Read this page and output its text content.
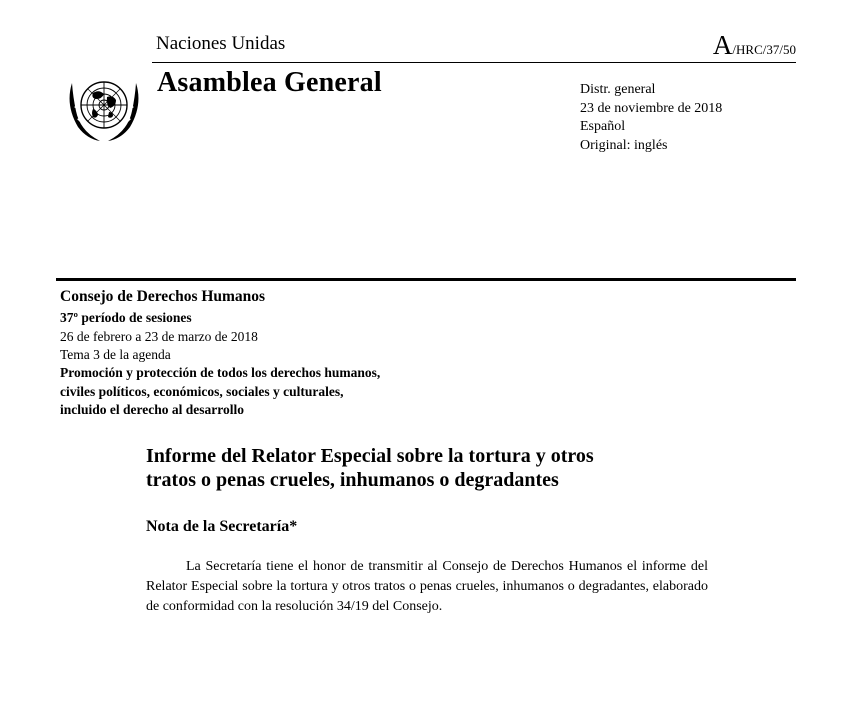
Naciones Unidas	A/HRC/37/50
Asamblea General	Distr. general
23 de noviembre de 2018
Español
Original: inglés
Consejo de Derechos Humanos
37º período de sesiones
26 de febrero a 23 de marzo de 2018
Tema 3 de la agenda
Promoción y protección de todos los derechos humanos,
civiles políticos, económicos, sociales y culturales,
incluido el derecho al desarrollo
Informe del Relator Especial sobre la tortura y otros
tratos o penas crueles, inhumanos o degradantes
Nota de la Secretaría*

La Secretaría tiene el honor de transmitir al Consejo de Derechos Humanos el informe del Relator Especial sobre la tortura y otros tratos o penas crueles, inhumanos o degradantes, elaborado de conformidad con la resolución 34/19 del Consejo.
